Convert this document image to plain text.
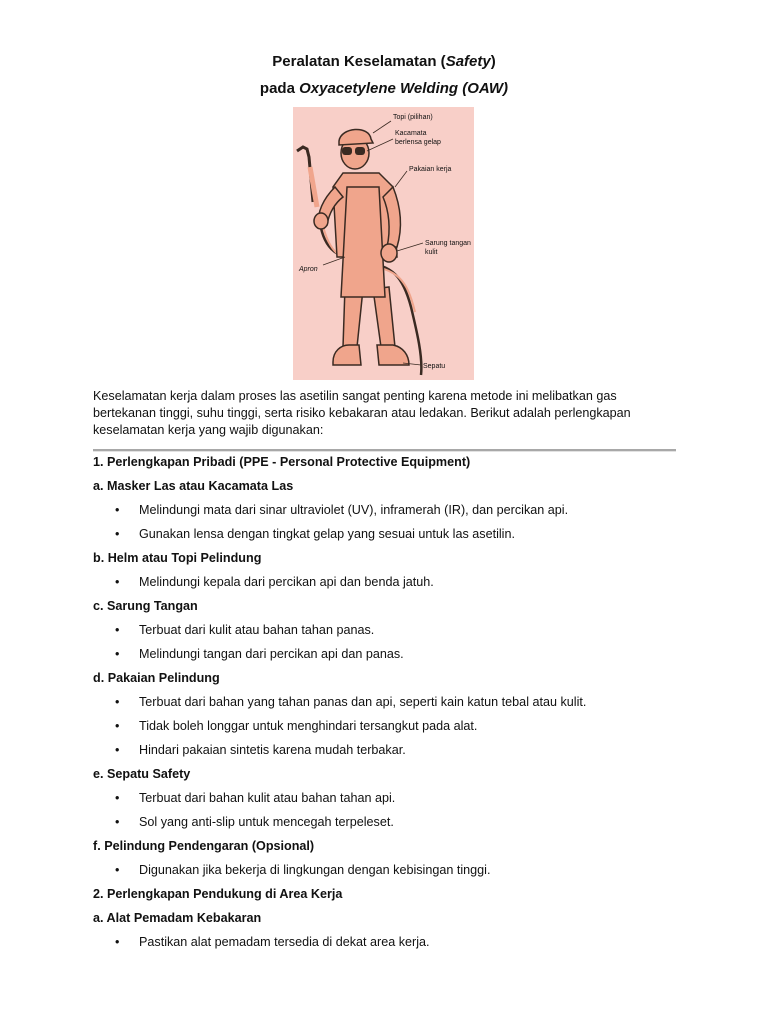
Peralatan Keselamatan (Safety)
pada Oxyacetylene Welding (OAW)
Topi (pilihan)
Kacamata
berlensa gelap
Pakaian kerja
Sarung tangan
kulit
Apron
Sepatu

Keselamatan kerja dalam proses las asetilin sangat penting karena metode ini melibatkan gas bertekanan tinggi, suhu tinggi, serta risiko kebakaran atau ledakan. Berikut adalah perlengkapan keselamatan kerja yang wajib digunakan:

1. Perlengkapan Pribadi (PPE - Personal Protective Equipment)

a. Masker Las atau Kacamata Las

• Melindungi mata dari sinar ultraviolet (UV), inframerah (IR), dan percikan api.
• Gunakan lensa dengan tingkat gelap yang sesuai untuk las asetilin.

b. Helm atau Topi Pelindung

• Melindungi kepala dari percikan api dan benda jatuh.

c. Sarung Tangan

• Terbuat dari kulit atau bahan tahan panas.
• Melindungi tangan dari percikan api dan panas.

d. Pakaian Pelindung

• Terbuat dari bahan yang tahan panas dan api, seperti kain katun tebal atau kulit.
• Tidak boleh longgar untuk menghindari tersangkut pada alat.
• Hindari pakaian sintetis karena mudah terbakar.

e. Sepatu Safety

• Terbuat dari bahan kulit atau bahan tahan api.
• Sol yang anti-slip untuk mencegah terpeleset.

f. Pelindung Pendengaran (Opsional)

• Digunakan jika bekerja di lingkungan dengan kebisingan tinggi.

2. Perlengkapan Pendukung di Area Kerja

a. Alat Pemadam Kebakaran

• Pastikan alat pemadam tersedia di dekat area kerja.
